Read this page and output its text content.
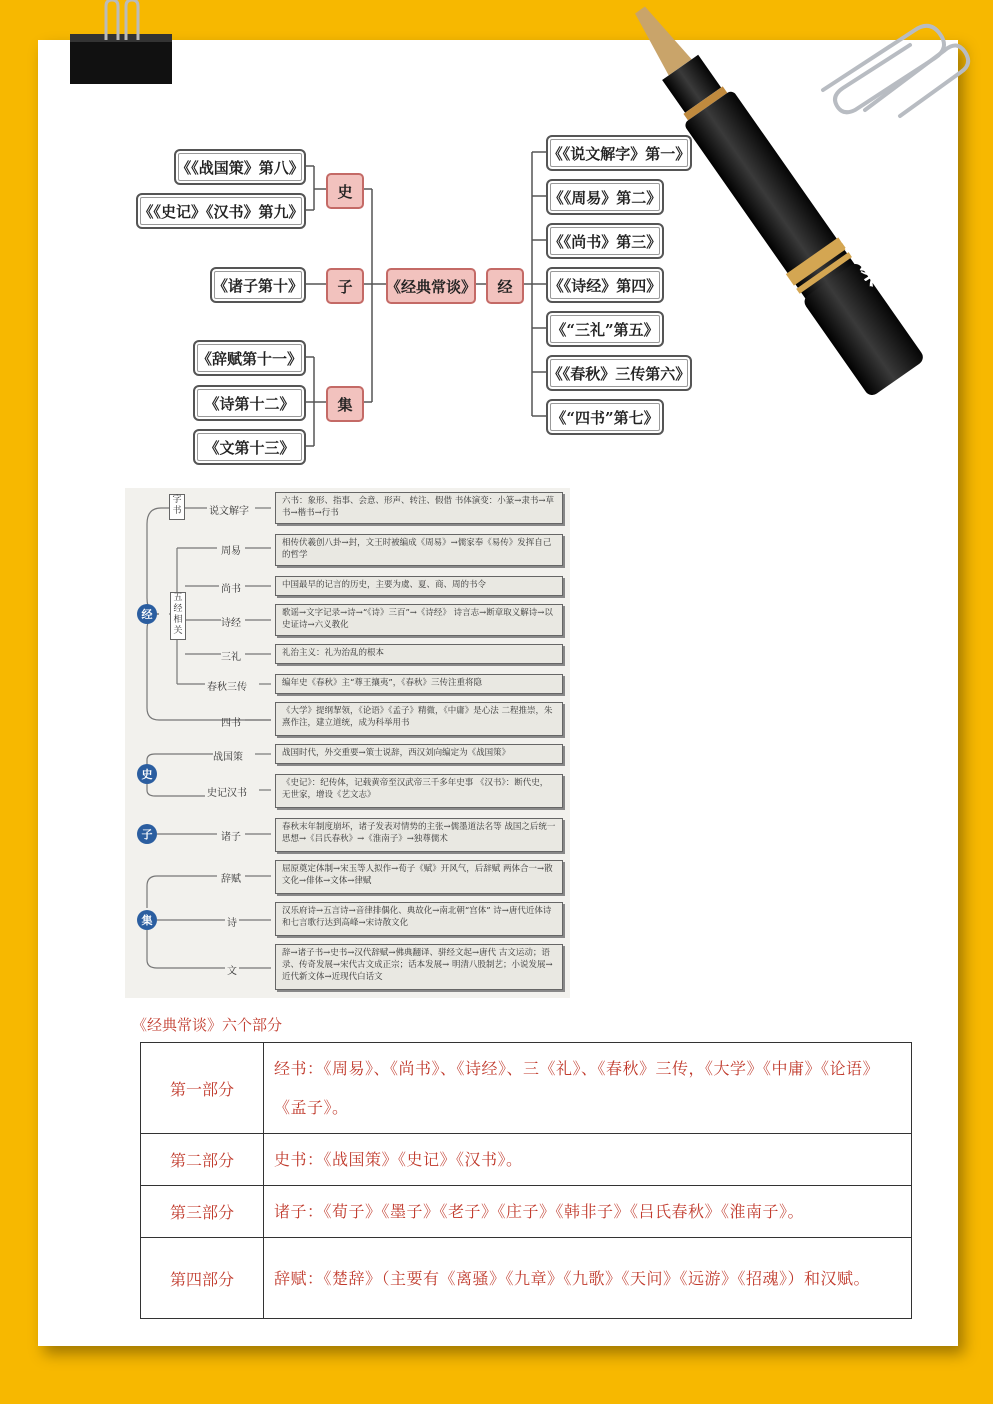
@一起备课
《经典常谈》	经
史
子
集
《《说文解字》第一》
《《周易》第二》
《《尚书》第三》
《《诗经》第四》
《“三礼”第五》
《《春秋》三传第六》
《“四书”第七》
《《战国策》第八》
《《史记》《汉书》第九》
《诸子第十》
《辞赋第十一》
《诗第十二》
《文第十三》
经
史
子
集
字书
五经相关
说文解字
周易
尚书
诗经
三礼
春秋三传
四书
战国策
史记汉书
诸子
辞赋
诗
文
六书：象形、指事、会意、形声、转注、假借 书体演变：小篆→隶书→草书→楷书→行书
相传伏羲创八卦→封，文王时被编成《周易》→儒家奉《易传》发挥自己的哲学
中国最早的记言的历史，主要为虞、夏、商、周的书令
歌谣→文字记录→诗→“《诗》三百”→《诗经》 诗言志→断章取义解诗→以史证诗→六义教化
礼治主义：礼为治乱的根本
编年史《春秋》主“尊王攘夷”，《春秋》三传注重将隐
《大学》提纲挈领，《论语》《孟子》精微，《中庸》是心法 二程推崇，朱熹作注，建立道统，成为科举用书
战国时代，外交重要→策士说辞，西汉刘向编定为《战国策》
《史记》：纪传体，记载黄帝至汉武帝三千多年史事 《汉书》：断代史，无世家，增设《艺文志》
春秋末年制度崩坏，诸子发表对情势的主张→儒墨道法名等 战国之后统一思想→《吕氏春秋》→《淮南子》→独尊儒术
屈原奠定体制→宋玉等人拟作→荀子《赋》开风气，后辞赋 两体合一→散文化→俳体→文体→律赋
汉乐府诗→五言诗→音律排偶化、典故化→南北朝“宫体” 诗→唐代近体诗和七言歌行达到高峰→宋诗散文化
辞→诸子书→史书→汉代辞赋→佛典翻译、骈经文起→唐代 古文运动；语录、传奇发展→宋代古文成正宗；话本发展→ 明清八股制艺；小说发展→近代新文体→近现代白话文
《经典常谈》六个部分
第一部分	经书：《周易》、《尚书》、《诗经》、三《礼》、《春秋》三传，《大学》《中庸》《论语》《孟子》。
第二部分	史书：《战国策》《史记》《汉书》。
第三部分	诸子：《荀子》《墨子》《老子》《庄子》《韩非子》《吕氏春秋》《淮南子》。
第四部分	辞赋：《楚辞》（主要有《离骚》《九章》《九歌》《天问》《远游》《招魂》）和汉赋。
